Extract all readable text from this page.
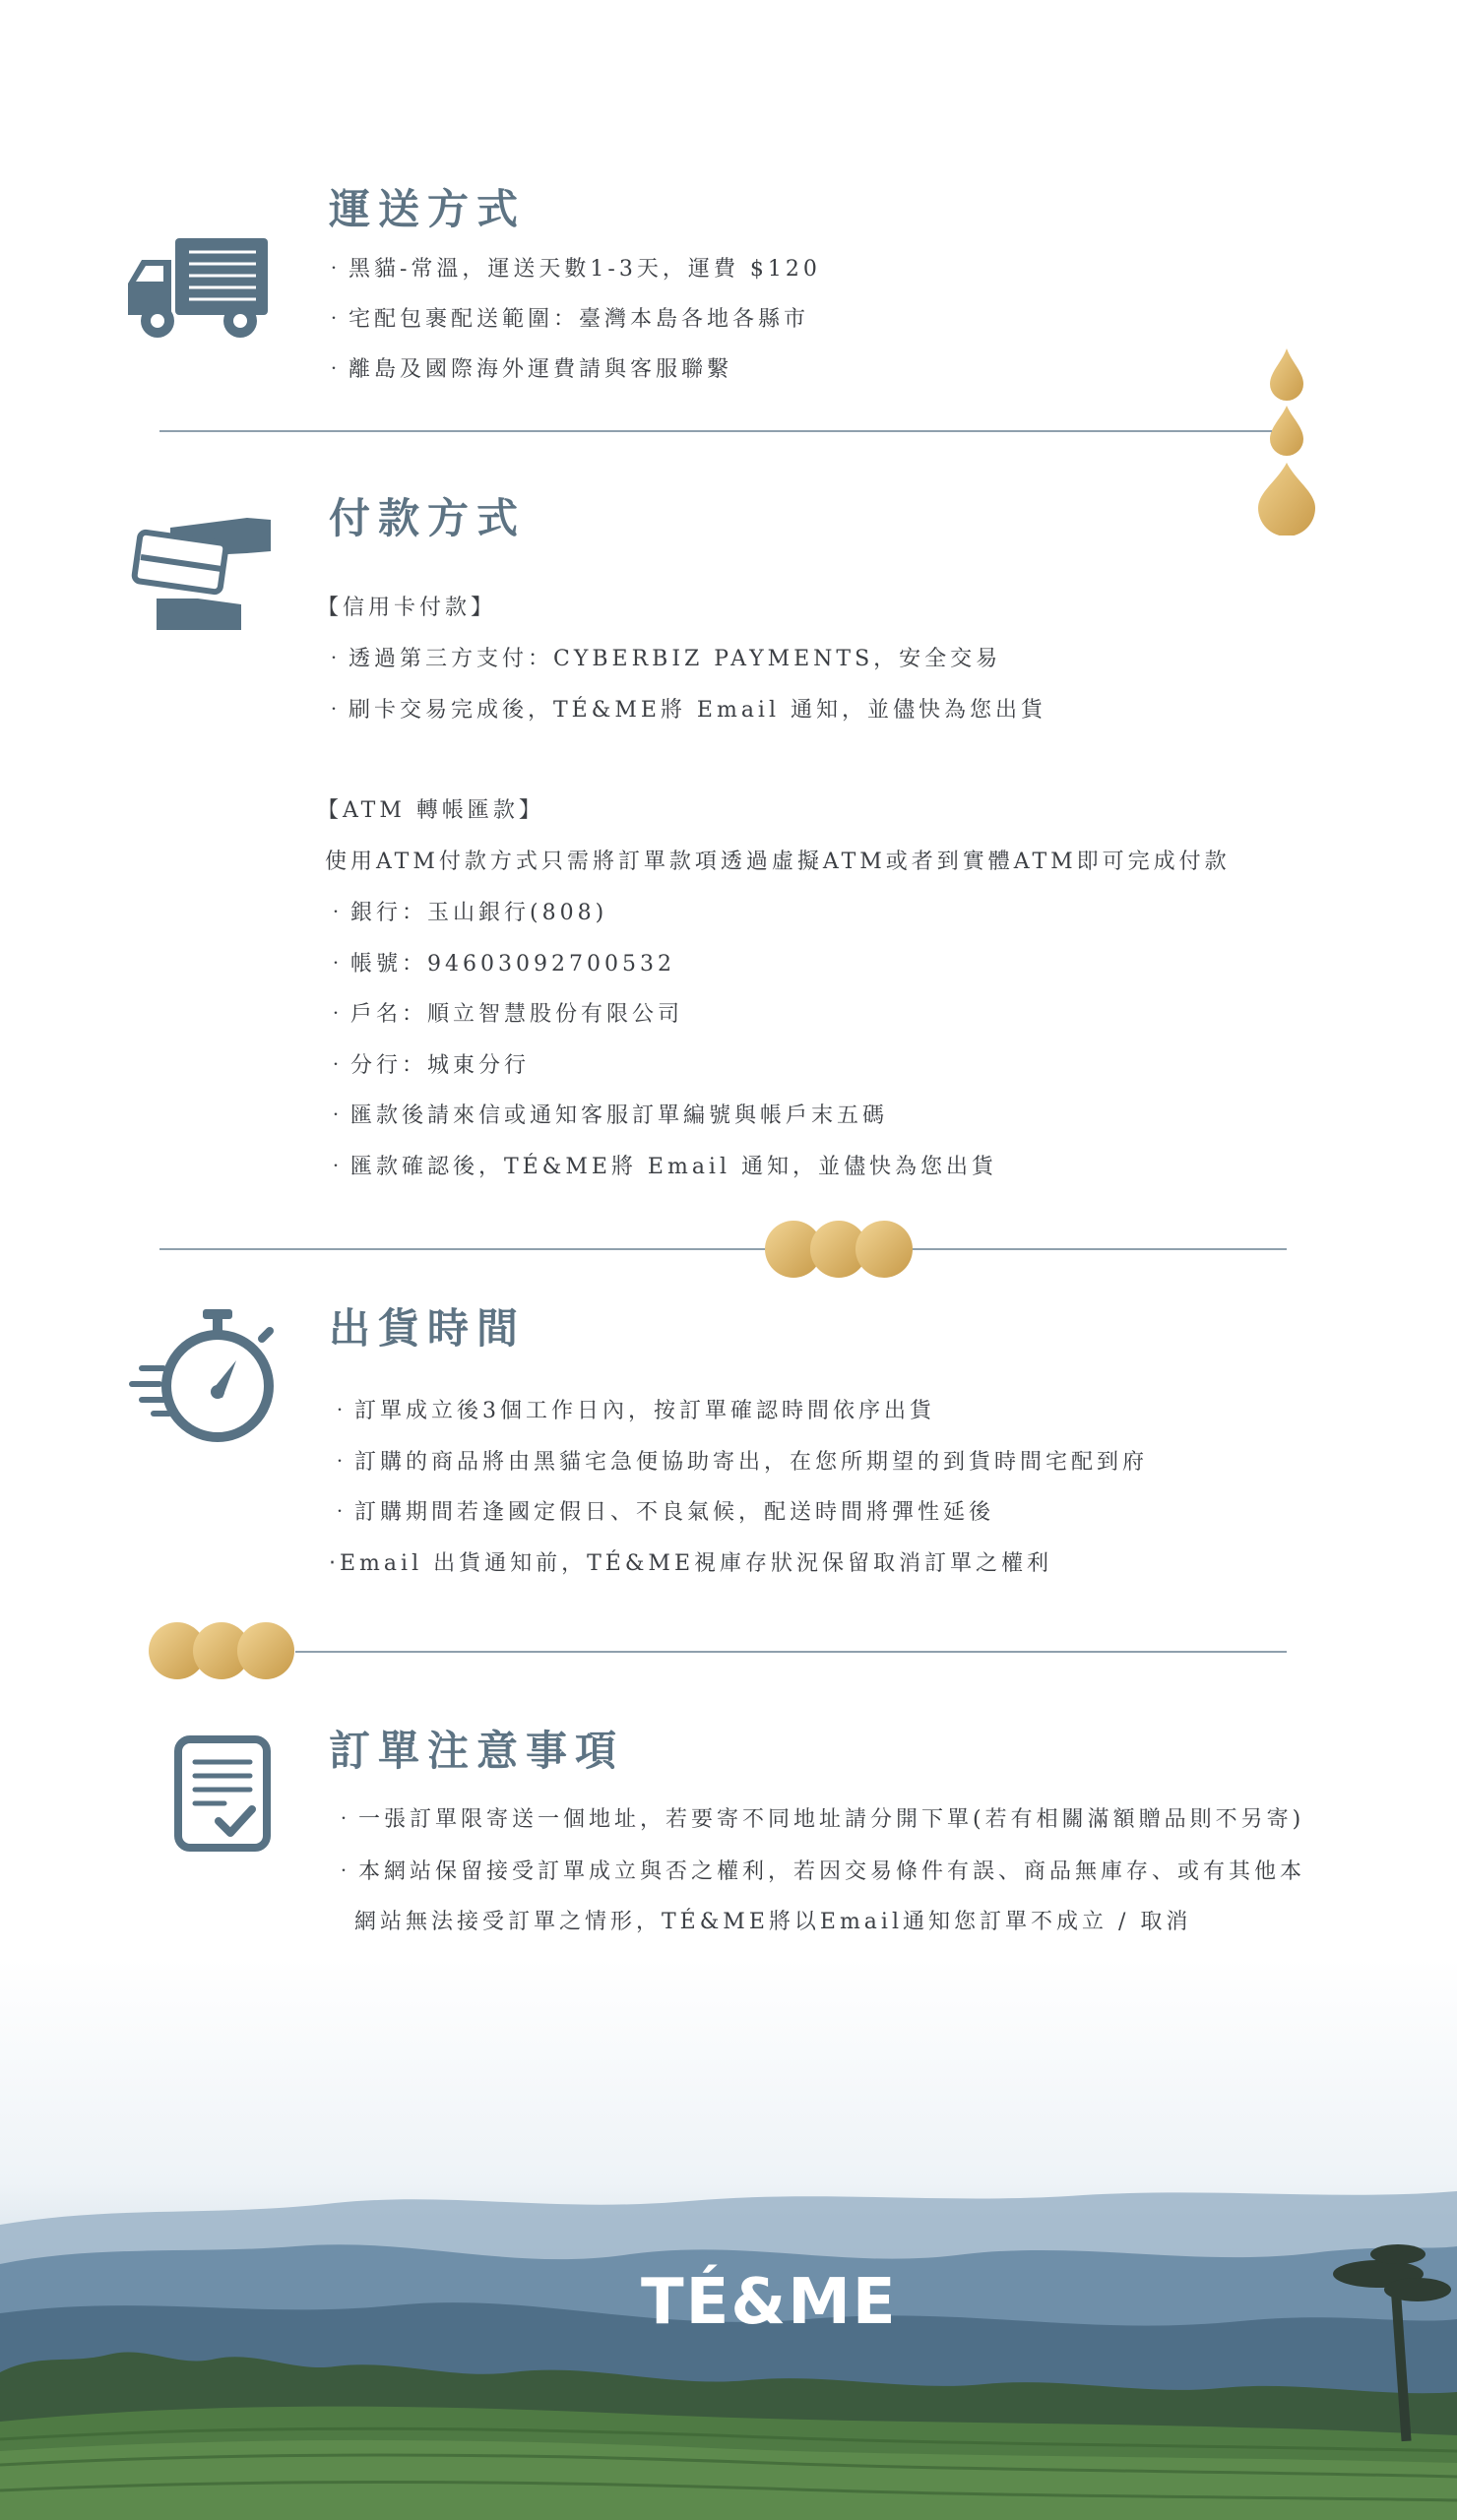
運送方式

‧黑貓-常溫，運送天數1-3天，運費 $120

‧宅配包裹配送範圍：臺灣本島各地各縣市

‧離島及國際海外運費請與客服聯繫

付款方式

【信用卡付款】

‧透過第三方支付：CYBERBIZ PAYMENTS，安全交易

‧刷卡交易完成後，TÉ&ME將 Email 通知，並儘快為您出貨

【ATM 轉帳匯款】

使用ATM付款方式只需將訂單款項透過虛擬ATM或者到實體ATM即可完成付款

‧銀行：玉山銀行(808)

‧帳號：94603092700532

‧戶名：順立智慧股份有限公司

‧分行：城東分行

‧匯款後請來信或通知客服訂單編號與帳戶末五碼

‧匯款確認後，TÉ&ME將 Email 通知，並儘快為您出貨

出貨時間

‧訂單成立後3個工作日內，按訂單確認時間依序出貨

‧訂購的商品將由黑貓宅急便協助寄出，在您所期望的到貨時間宅配到府

‧訂購期間若逢國定假日、不良氣候，配送時間將彈性延後

‧Email 出貨通知前，TÉ&ME視庫存狀況保留取消訂單之權利

訂單注意事項

‧一張訂單限寄送一個地址，若要寄不同地址請分開下單(若有相關滿額贈品則不另寄)

‧本網站保留接受訂單成立與否之權利，若因交易條件有誤、商品無庫存、或有其他本

網站無法接受訂單之情形，TÉ&ME將以Email通知您訂單不成立 / 取消

TÉ&ME
